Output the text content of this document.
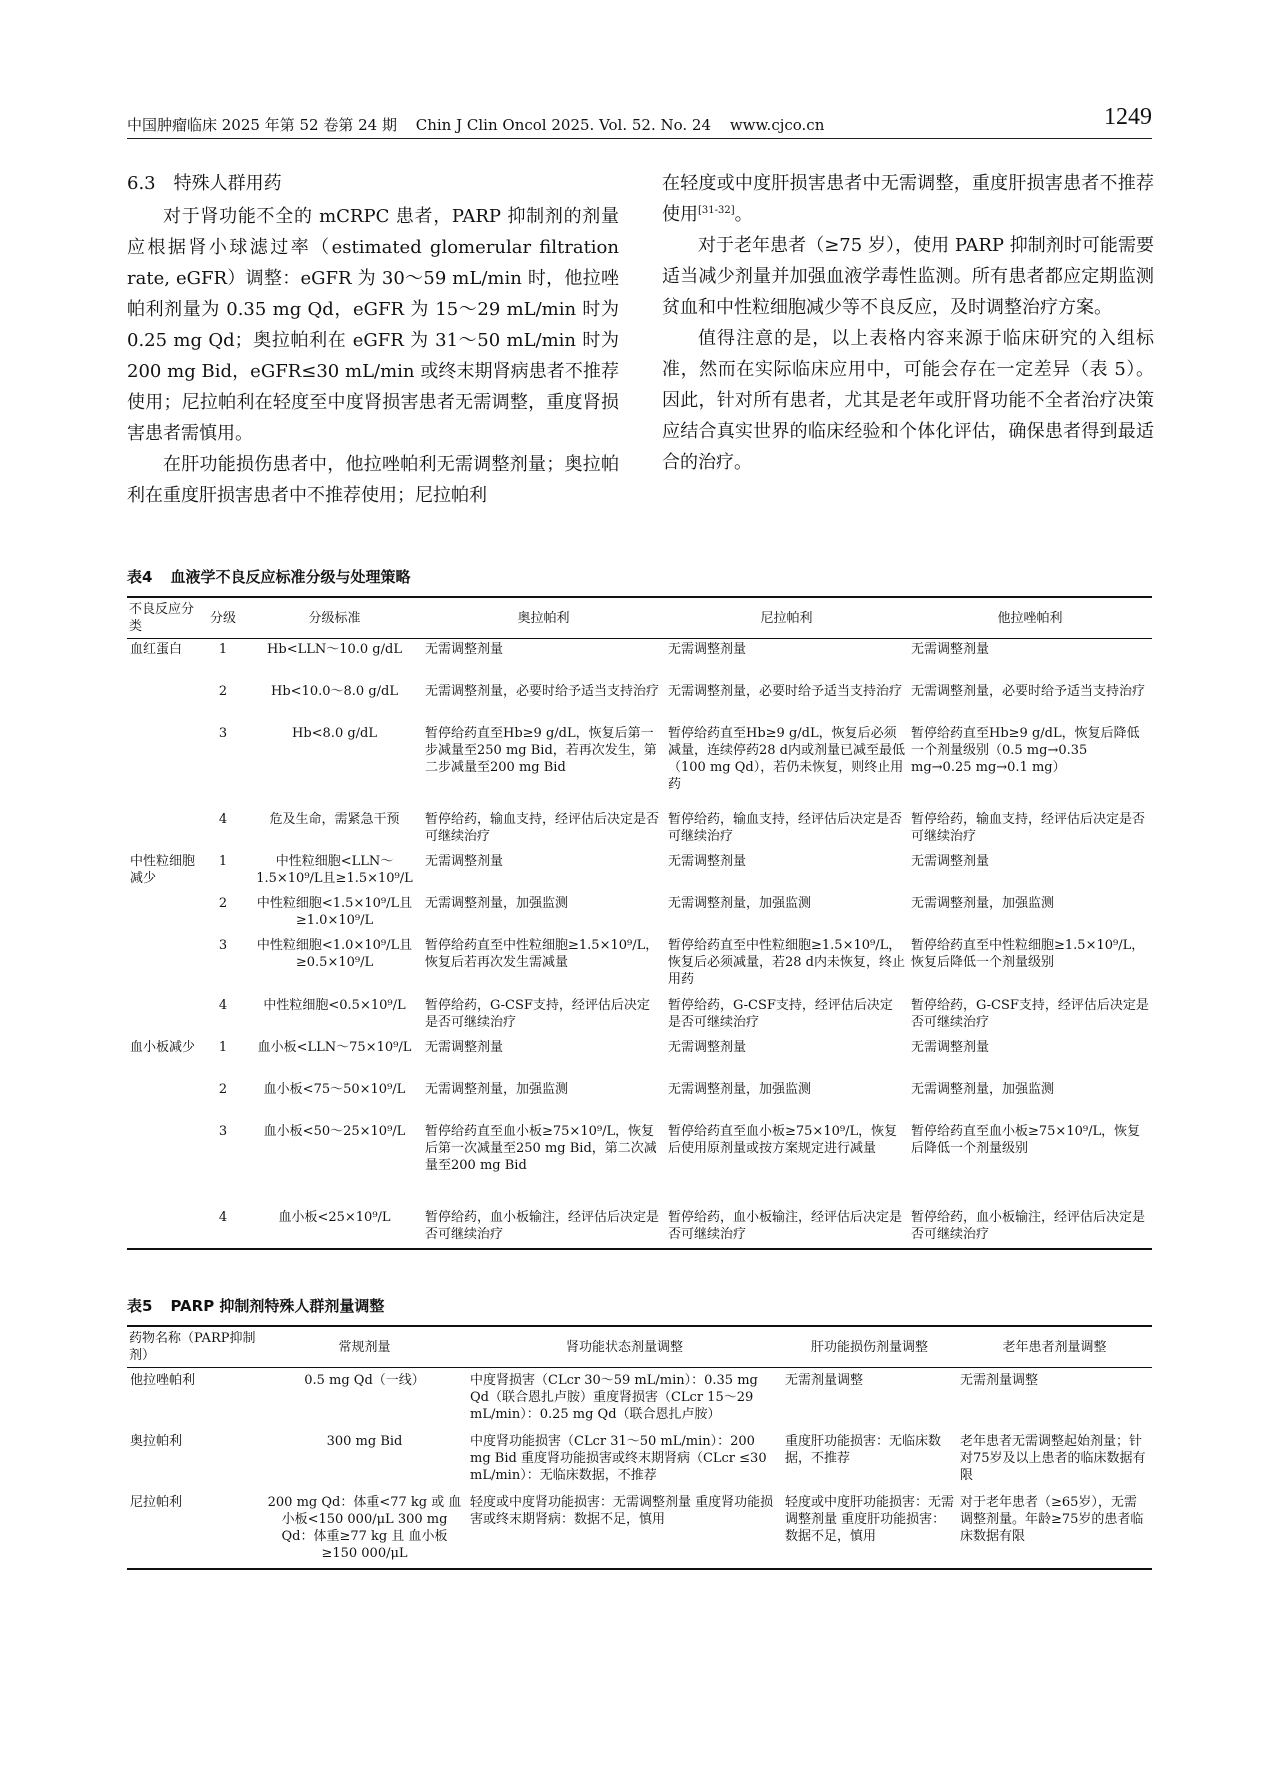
中国肿瘤临床 2025 年第 52 卷第 24 期 Chin J Clin Oncol 2025. Vol. 52. No. 24 www.cjco.cn	1249

6.3　特殊人群用药

对于肾功能不全的 mCRPC 患者，PARP 抑制剂的剂量应根据肾小球滤过率（estimated glomerular filtration rate, eGFR）调整：eGFR 为 30～59 mL/min 时，他拉唑帕利剂量为 0.35 mg Qd，eGFR 为 15～29 mL/min 时为 0.25 mg Qd；奥拉帕利在 eGFR 为 31～50 mL/min 时为 200 mg Bid，eGFR≤30 mL/min 或终末期肾病患者不推荐使用；尼拉帕利在轻度至中度肾损害患者无需调整，重度肾损害患者需慎用。

在肝功能损伤患者中，他拉唑帕利无需调整剂量；奥拉帕利在重度肝损害患者中不推荐使用；尼拉帕利

在轻度或中度肝损害患者中无需调整，重度肝损害患者不推荐使用[31-32]。

对于老年患者（≥75 岁），使用 PARP 抑制剂时可能需要适当减少剂量并加强血液学毒性监测。所有患者都应定期监测贫血和中性粒细胞减少等不良反应，及时调整治疗方案。

值得注意的是，以上表格内容来源于临床研究的入组标准，然而在实际临床应用中，可能会存在一定差异（表 5）。因此，针对所有患者，尤其是老年或肝肾功能不全者治疗决策应结合真实世界的临床经验和个体化评估，确保患者得到最适合的治疗。

表4 血液学不良反应标准分级与处理策略
不良反应分类	分级	分级标准	奥拉帕利	尼拉帕利	他拉唑帕利
血红蛋白	1	Hb<LLN～10.0 g/dL	无需调整剂量	无需调整剂量	无需调整剂量
	2	Hb<10.0～8.0 g/dL	无需调整剂量，必要时给予适当支持治疗	无需调整剂量，必要时给予适当支持治疗	无需调整剂量，必要时给予适当支持治疗
	3	Hb<8.0 g/dL	暂停给药直至Hb≥9 g/dL，恢复后第一步减量至250 mg Bid，若再次发生，第二步减量至200 mg Bid	暂停给药直至Hb≥9 g/dL，恢复后必须减量，连续停药28 d内或剂量已减至最低（100 mg Qd），若仍未恢复，则终止用药	暂停给药直至Hb≥9 g/dL，恢复后降低一个剂量级别（0.5 mg→0.35 mg→0.25 mg→0.1 mg）
	4	危及生命，需紧急干预	暂停给药，输血支持，经评估后决定是否可继续治疗	暂停给药，输血支持，经评估后决定是否可继续治疗	暂停给药，输血支持，经评估后决定是否可继续治疗
中性粒细胞减少	1	中性粒细胞<LLN～1.5×10⁹/L且≥1.5×10⁹/L	无需调整剂量	无需调整剂量	无需调整剂量
	2	中性粒细胞<1.5×10⁹/L且≥1.0×10⁹/L	无需调整剂量，加强监测	无需调整剂量，加强监测	无需调整剂量，加强监测
	3	中性粒细胞<1.0×10⁹/L且≥0.5×10⁹/L	暂停给药直至中性粒细胞≥1.5×10⁹/L，恢复后若再次发生需减量	暂停给药直至中性粒细胞≥1.5×10⁹/L，恢复后必须减量，若28 d内未恢复，终止用药	暂停给药直至中性粒细胞≥1.5×10⁹/L，恢复后降低一个剂量级别
	4	中性粒细胞<0.5×10⁹/L	暂停给药，G-CSF支持，经评估后决定是否可继续治疗	暂停给药，G-CSF支持，经评估后决定是否可继续治疗	暂停给药，G-CSF支持，经评估后决定是否可继续治疗
血小板减少	1	血小板<LLN～75×10⁹/L	无需调整剂量	无需调整剂量	无需调整剂量
	2	血小板<75～50×10⁹/L	无需调整剂量，加强监测	无需调整剂量，加强监测	无需调整剂量，加强监测
	3	血小板<50～25×10⁹/L	暂停给药直至血小板≥75×10⁹/L，恢复后第一次减量至250 mg Bid，第二次减量至200 mg Bid	暂停给药直至血小板≥75×10⁹/L，恢复后使用原剂量或按方案规定进行减量	暂停给药直至血小板≥75×10⁹/L，恢复后降低一个剂量级别
	4	血小板<25×10⁹/L	暂停给药，血小板输注，经评估后决定是否可继续治疗	暂停给药，血小板输注，经评估后决定是否可继续治疗	暂停给药，血小板输注，经评估后决定是否可继续治疗
表5 PARP 抑制剂特殊人群剂量调整
药物名称（PARP抑制剂）	常规剂量	肾功能状态剂量调整	肝功能损伤剂量调整	老年患者剂量调整
他拉唑帕利	0.5 mg Qd（一线）	中度肾损害（CLcr 30～59 mL/min）：0.35 mg Qd（联合恩扎卢胺）重度肾损害（CLcr 15～29 mL/min）：0.25 mg Qd（联合恩扎卢胺）	无需剂量调整	无需剂量调整
奥拉帕利	300 mg Bid	中度肾功能损害（CLcr 31～50 mL/min）：200 mg Bid 重度肾功能损害或终末期肾病（CLcr ≤30 mL/min）：无临床数据，不推荐	重度肝功能损害：无临床数据，不推荐	老年患者无需调整起始剂量；针对75岁及以上患者的临床数据有限
尼拉帕利	200 mg Qd：体重<77 kg 或 血小板<150 000/μL 300 mg Qd：体重≥77 kg 且 血小板≥150 000/μL	轻度或中度肾功能损害：无需调整剂量 重度肾功能损害或终末期肾病：数据不足，慎用	轻度或中度肝功能损害：无需调整剂量 重度肝功能损害：数据不足，慎用	对于老年患者（≥65岁），无需调整剂量。年龄≥75岁的患者临床数据有限
